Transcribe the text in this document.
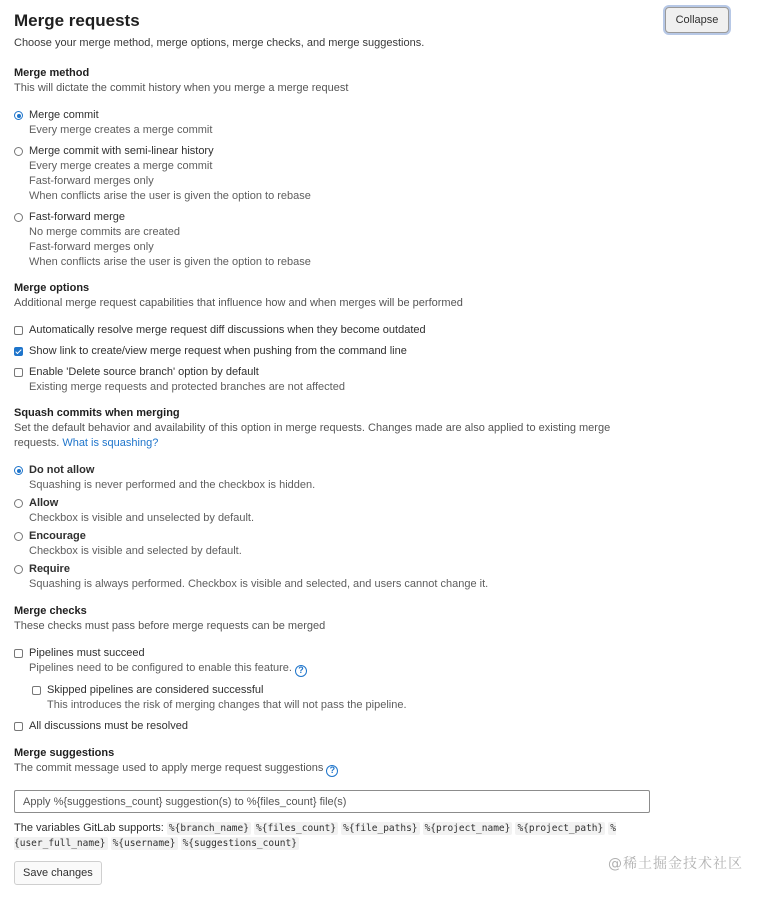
Merge requests	Collapse

Choose your merge method, merge options, merge checks, and merge suggestions.

Merge method
This will dictate the commit history when you merge a merge request
Merge commit
Every merge creates a merge commit
Merge commit with semi-linear history
Every merge creates a merge commit
Fast-forward merges only
When conflicts arise the user is given the option to rebase
Fast-forward merge
No merge commits are created
Fast-forward merges only
When conflicts arise the user is given the option to rebase
Merge options
Additional merge request capabilities that influence how and when merges will be performed
Automatically resolve merge request diff discussions when they become outdated
Show link to create/view merge request when pushing from the command line
Enable 'Delete source branch' option by default
Existing merge requests and protected branches are not affected
Squash commits when merging
Set the default behavior and availability of this option in merge requests. Changes made are also applied to existing merge requests. What is squashing?
Do not allow
Squashing is never performed and the checkbox is hidden.
Allow
Checkbox is visible and unselected by default.
Encourage
Checkbox is visible and selected by default.
Require
Squashing is always performed. Checkbox is visible and selected, and users cannot change it.
Merge checks
These checks must pass before merge requests can be merged
Pipelines must succeed
Pipelines need to be configured to enable this feature. ?
Skipped pipelines are considered successful
This introduces the risk of merging changes that will not pass the pipeline.
All discussions must be resolved
Merge suggestions
The commit message used to apply merge request suggestions ?
Apply %{suggestions_count} suggestion(s) to %{files_count} file(s)
The variables GitLab supports: %{branch_name} %{files_count} %{file_paths} %{project_name} %{project_path} %{user_full_name} %{username} %{suggestions_count}
Save changes
@稀土掘金技术社区
